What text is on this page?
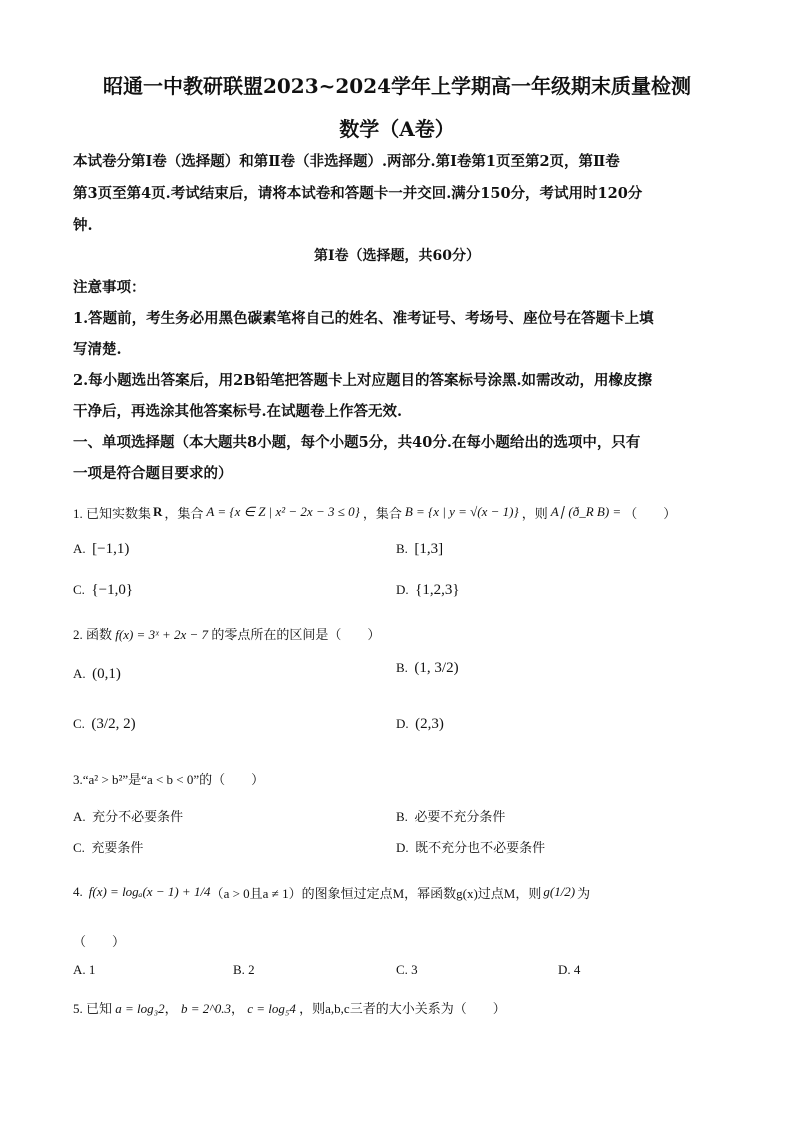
昭通一中教研联盟2023~2024学年上学期高一年级期末质量检测
数学（A卷）
本试卷分第Ⅰ卷（选择题）和第Ⅱ卷（非选择题）.两部分.第Ⅰ卷第1页至第2页，第Ⅱ卷
第3页至第4页.考试结束后，请将本试卷和答题卡一并交回.满分150分，考试用时120分
钟.
第Ⅰ卷（选择题，共60分）
注意事项：
1.答题前，考生务必用黑色碳素笔将自己的姓名、准考证号、考场号、座位号在答题卡上填
写清楚.
2.每小题选出答案后，用2B铅笔把答题卡上对应题目的答案标号涂黑.如需改动，用橡皮擦
干净后，再选涂其他答案标号.在试题卷上作答无效.
一、单项选择题（本大题共8小题，每个小题5分，共40分.在每小题给出的选项中，只有
一项是符合题目要求的）
1. 已知实数集 R ，集合 A = {x ∈ Z | x² − 2x − 3 ≤ 0} ，集合 B = {x | y = √(x − 1)} ，则 A∣ (ð_R B) = （　　）
A. [−1,1)	B. [1,3]
C. {−1,0}	D. {1,2,3}
2. 函数 f(x) = 3ˣ + 2x − 7 的零点所在的区间是（　　）
A. (0,1)	B. (1, 3/2)
C. (3/2, 2)	D. (2,3)
3.“a² > b²”是“a < b < 0”的（　　）
A. 充分不必要条件	B. 必要不充分条件
C. 充要条件	D. 既不充分也不必要条件
4. f(x) = logₐ(x − 1) + 1/4 （a > 0且a ≠ 1） 的图象恒过定点M，幂函数g(x)过点M，则 g(1/2) 为
（　　）
A. 1	B. 2	C. 3	D. 4
5. 已知 a = log₃2， b = 2^0.3， c = log₅4 ，则a,b,c三者的大小关系为（　　）
